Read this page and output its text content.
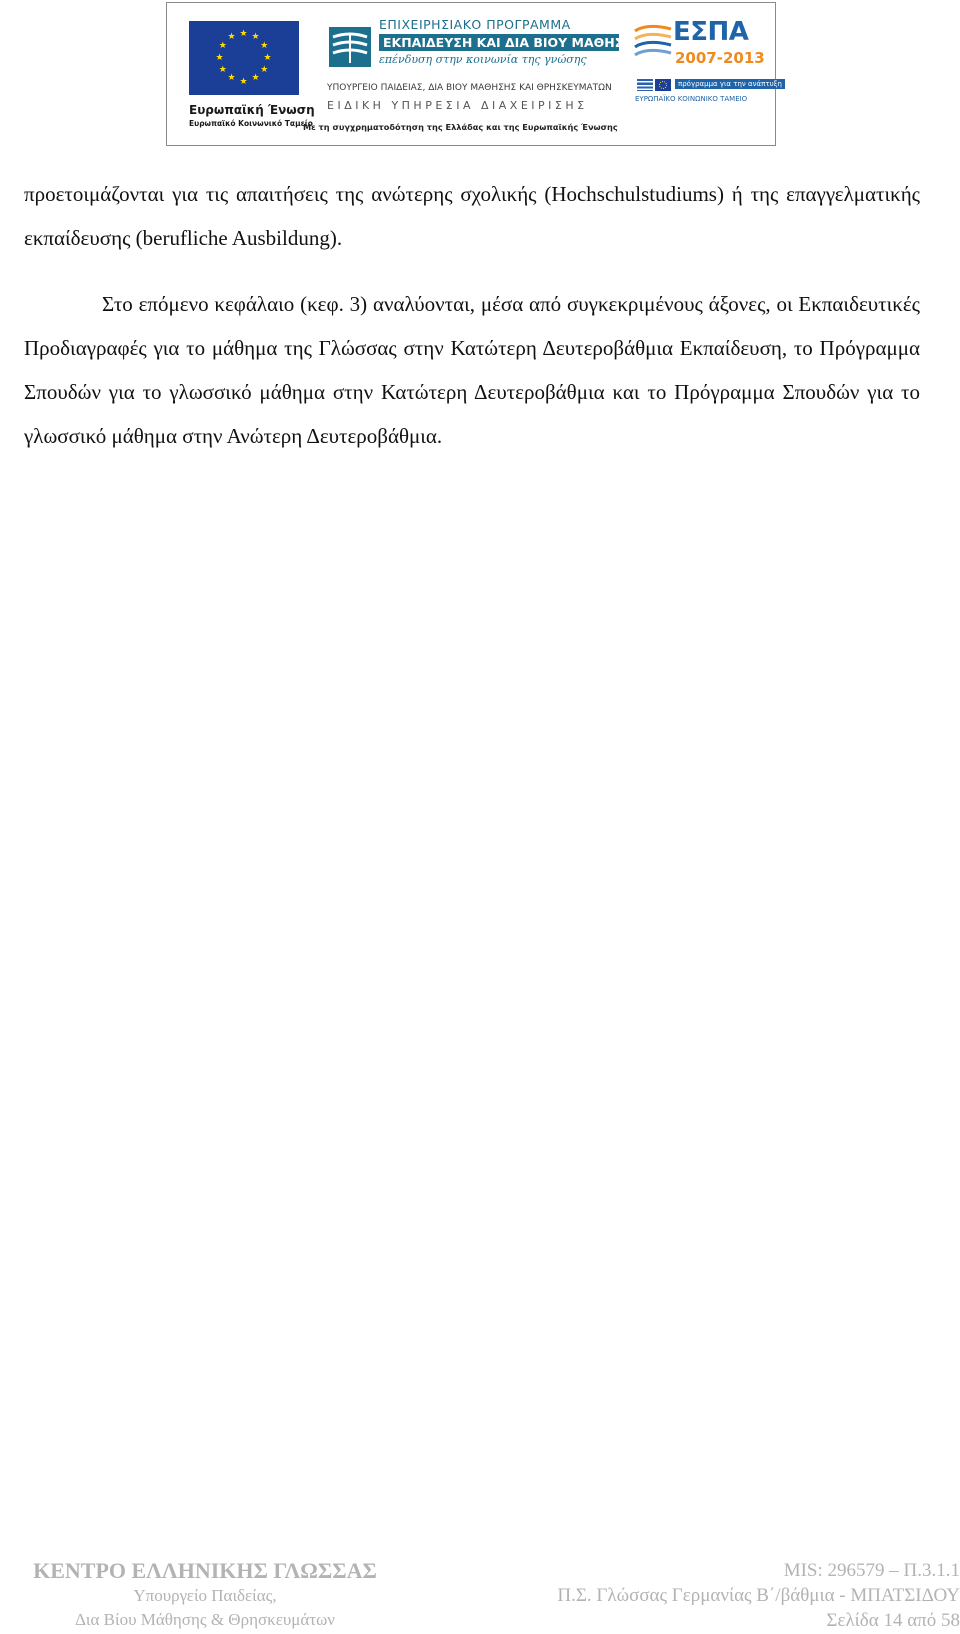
★ ★
★
★
★
★
★
★
★
★
★
★
Ευρωπαϊκή Ένωση
Ευρωπαϊκό Κοινωνικό Ταμείο
ΕΠΙΧΕΙΡΗΣΙΑΚΟ ΠΡΟΓΡΑΜΜΑ
ΕΚΠΑΙΔΕΥΣΗ ΚΑΙ ΔΙΑ ΒΙΟΥ ΜΑΘΗΣΗ
επένδυση στην κοινωνία της γνώσης
ΥΠΟΥΡΓΕΙΟ ΠΑΙΔΕΙΑΣ, ΔΙΑ ΒΙΟΥ ΜΑΘΗΣΗΣ ΚΑΙ ΘΡΗΣΚΕΥΜΑΤΩΝ
ΕΙΔΙΚΗ ΥΠΗΡΕΣΙΑ ΔΙΑΧΕΙΡΙΣΗΣ
Με τη συγχρηματοδότηση της Ελλάδας και της Ευρωπαϊκής Ένωσης
ΕΣΠΑ
2007-2013
πρόγραμμα για την ανάπτυξη
ΕΥΡΩΠΑΪΚΟ ΚΟΙΝΩΝΙΚΟ ΤΑΜΕΙΟ

προετοιμάζονται για τις απαιτήσεις της ανώτερης σχολικής (Hochschulstudiums) ή της επαγγελματικής εκπαίδευσης (berufliche Ausbildung).

Στο επόμενο κεφάλαιο (κεφ. 3) αναλύονται, μέσα από συγκεκριμένους άξονες, οι Εκπαιδευτικές Προδιαγραφές για το μάθημα της Γλώσσας στην Κατώτερη Δευτεροβάθμια Εκπαίδευση, το Πρόγραμμα Σπουδών για το γλωσσικό μάθημα στην Κατώτερη Δευτεροβάθμια και το Πρόγραμμα Σπουδών για το γλωσσικό μάθημα στην Ανώτερη Δευτεροβάθμια.

ΚΕΝΤΡΟ ΕΛΛΗΝΙΚΗΣ ΓΛΩΣΣΑΣ
Υπουργείο Παιδείας,
Δια Βίου Μάθησης & Θρησκευμάτων
MIS: 296579 – Π.3.1.1
Π.Σ. Γλώσσας Γερμανίας Β΄/βάθμια - ΜΠΑΤΣΙΔΟΥ
Σελίδα 14 από 58
